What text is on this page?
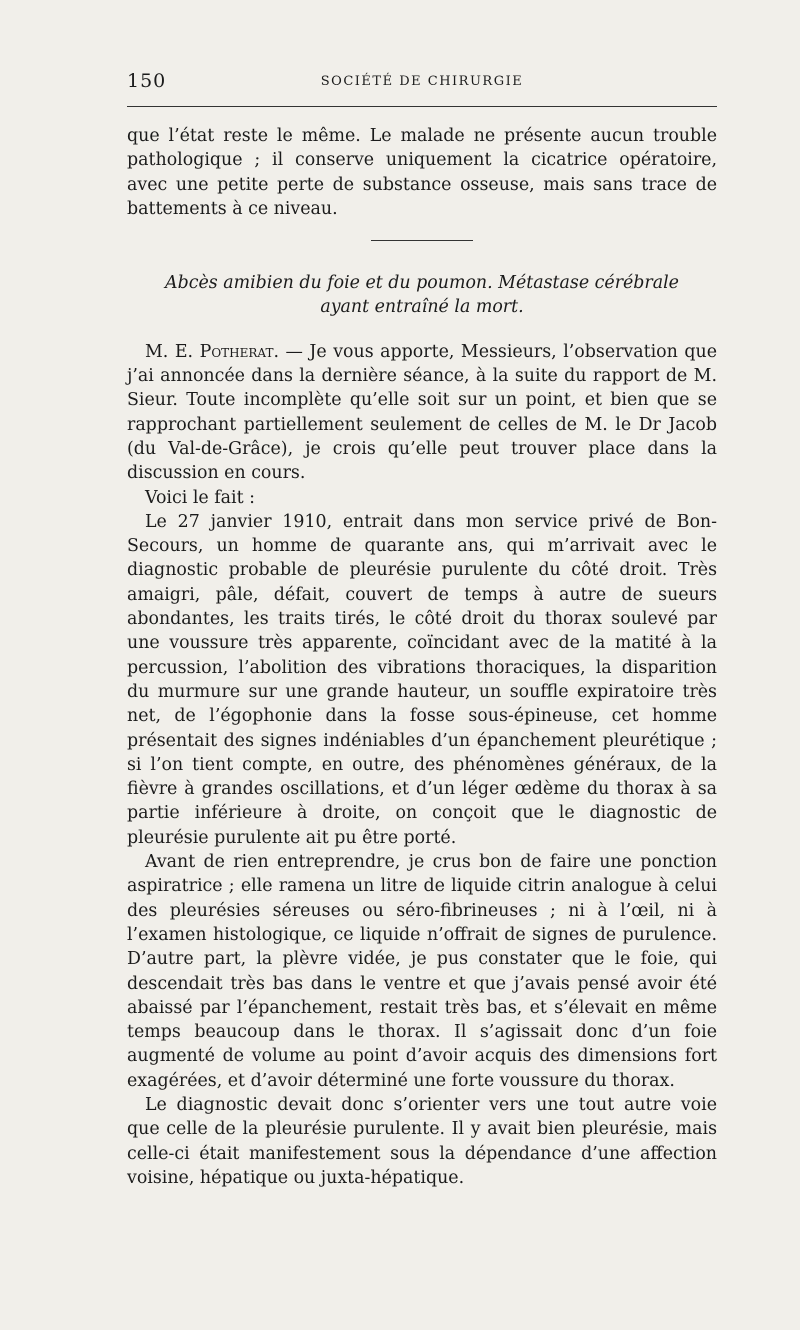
150	SOCIÉTÉ DE CHIRURGIE

que l’état reste le même. Le malade ne présente aucun trouble pathologique ; il conserve uniquement la cicatrice opératoire, avec une petite perte de substance osseuse, mais sans trace de battements à ce niveau.

Abcès amibien du foie et du poumon. Métastase cérébrale
ayant entraîné la mort.

M. E. Potherat. — Je vous apporte, Messieurs, l’observation que j’ai annoncée dans la dernière séance, à la suite du rapport de M. Sieur. Toute incomplète qu’elle soit sur un point, et bien que se rapprochant partiellement seulement de celles de M. le Dr Jacob (du Val-de-Grâce), je crois qu’elle peut trouver place dans la discussion en cours.

Voici le fait :

Le 27 janvier 1910, entrait dans mon service privé de Bon-Secours, un homme de quarante ans, qui m’arrivait avec le diagnostic probable de pleurésie purulente du côté droit. Très amaigri, pâle, défait, couvert de temps à autre de sueurs abondantes, les traits tirés, le côté droit du thorax soulevé par une voussure très apparente, coïncidant avec de la matité à la percussion, l’abolition des vibrations thoraciques, la disparition du murmure sur une grande hauteur, un souffle expiratoire très net, de l’égophonie dans la fosse sous-épineuse, cet homme présentait des signes indéniables d’un épanchement pleurétique ; si l’on tient compte, en outre, des phénomènes généraux, de la fièvre à grandes oscillations, et d’un léger œdème du thorax à sa partie inférieure à droite, on conçoit que le diagnostic de pleurésie purulente ait pu être porté.

Avant de rien entreprendre, je crus bon de faire une ponction aspiratrice ; elle ramena un litre de liquide citrin analogue à celui des pleurésies séreuses ou séro-fibrineuses ; ni à l’œil, ni à l’examen histologique, ce liquide n’offrait de signes de purulence. D’autre part, la plèvre vidée, je pus constater que le foie, qui descendait très bas dans le ventre et que j’avais pensé avoir été abaissé par l’épanchement, restait très bas, et s’élevait en même temps beaucoup dans le thorax. Il s’agissait donc d’un foie augmenté de volume au point d’avoir acquis des dimensions fort exagérées, et d’avoir déterminé une forte voussure du thorax.

Le diagnostic devait donc s’orienter vers une tout autre voie que celle de la pleurésie purulente. Il y avait bien pleurésie, mais celle-ci était manifestement sous la dépendance d’une affection voisine, hépatique ou juxta-hépatique.
